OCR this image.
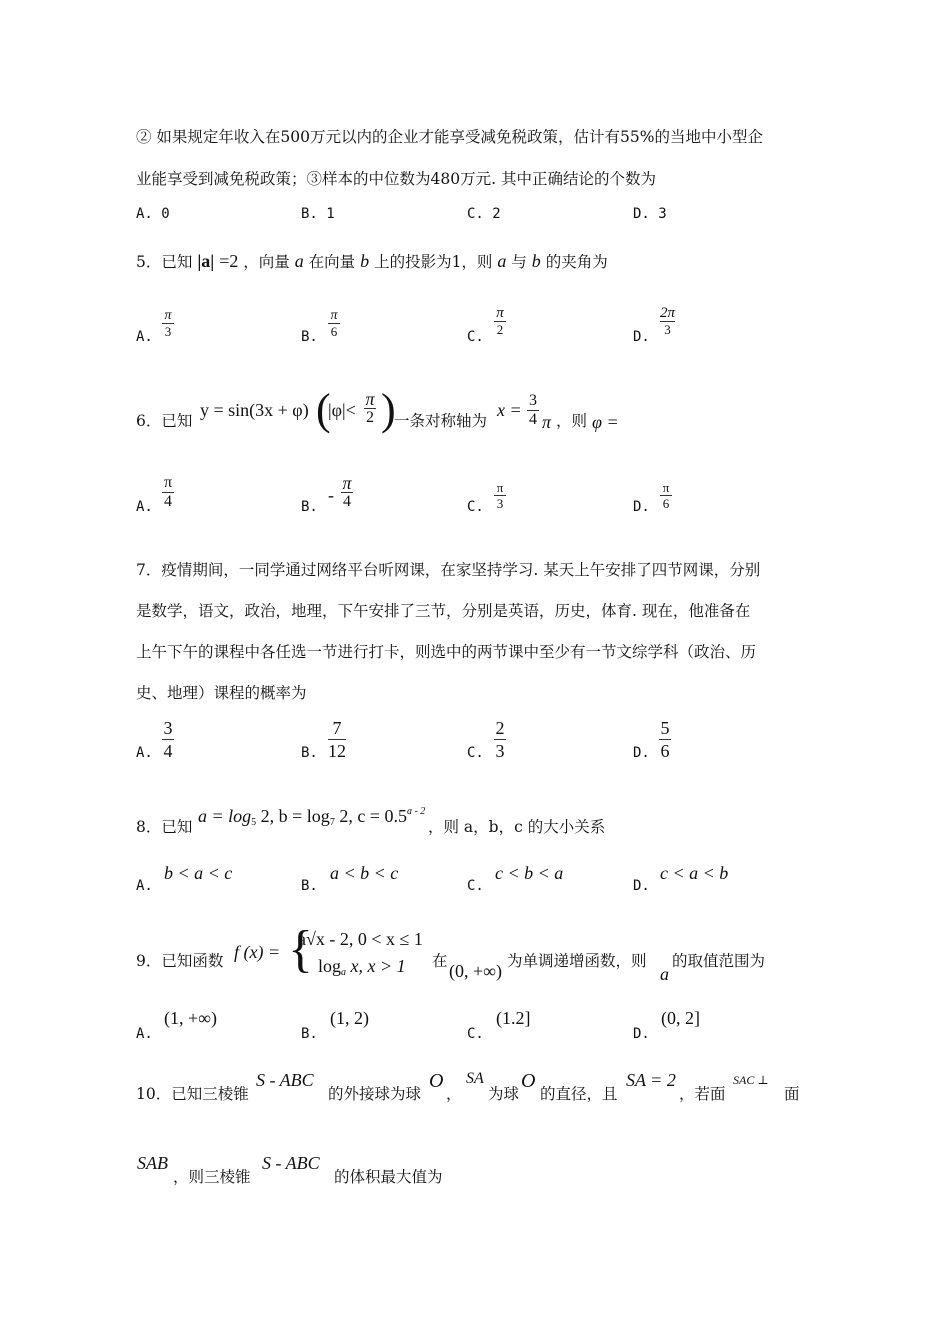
② 如果规定年收入在500万元以内的企业才能享受减免税政策，估计有55%的当地中小型企
业能享受到减免税政策；③样本的中位数为480万元. 其中正确结论的个数为
A. 0	B. 1	C. 2	D. 3
5．已知 |a| =2 ，向量 a 在向量 b 上的投影为1，则 a 与 b 的夹角为
A.
π
3	B.
π
6	C.
π
2	D.
2π
3
6．已知
y = sin(3x + φ) (
|φ|<
π
2 )
一条对称轴为
x = 3
4 π ，则 φ =
A.
π
4	B.
-
π
4	C.
π
3	D.
π
6
7．疫情期间，一同学通过网络平台听网课，在家坚持学习. 某天上午安排了四节网课，分别
是数学，语文，政治，地理，下午安排了三节，分别是英语，历史，体育. 现在，他准备在
上午下午的课程中各任选一节进行打卡，则选中的两节课中至少有一节文综学科（政治、历
史、地理）课程的概率为
A.
3
4	B.
7
12	C.
2
3	D.
5
6
8．已知
$a = \log_5 2$, $b = \log_7 2$, $c = 0.5^{a - 2}$
，则 a，b，c 的大小关系
A.
b < a < c
B.
a < b < c
C.
c < b < a
D.
c < a < b
9．已知函数 f (x) = {
a√x - 2, 0 < x ≤ 1
$\log_a x$, x > 1 在 (0, +∞) 为单调递增函数，则
a
的取值范围为
A.
(1, +∞)
B.
(1, 2)
C.
(1.2]
D.
(0, 2]
10．已知三棱锥
S - ABC
的外接球为球
O
，
SA
为球
O
的直径，且
SA = 2
，若面
SAC ⊥
面
SAB
，则三棱锥
S - ABC
的体积最大值为
